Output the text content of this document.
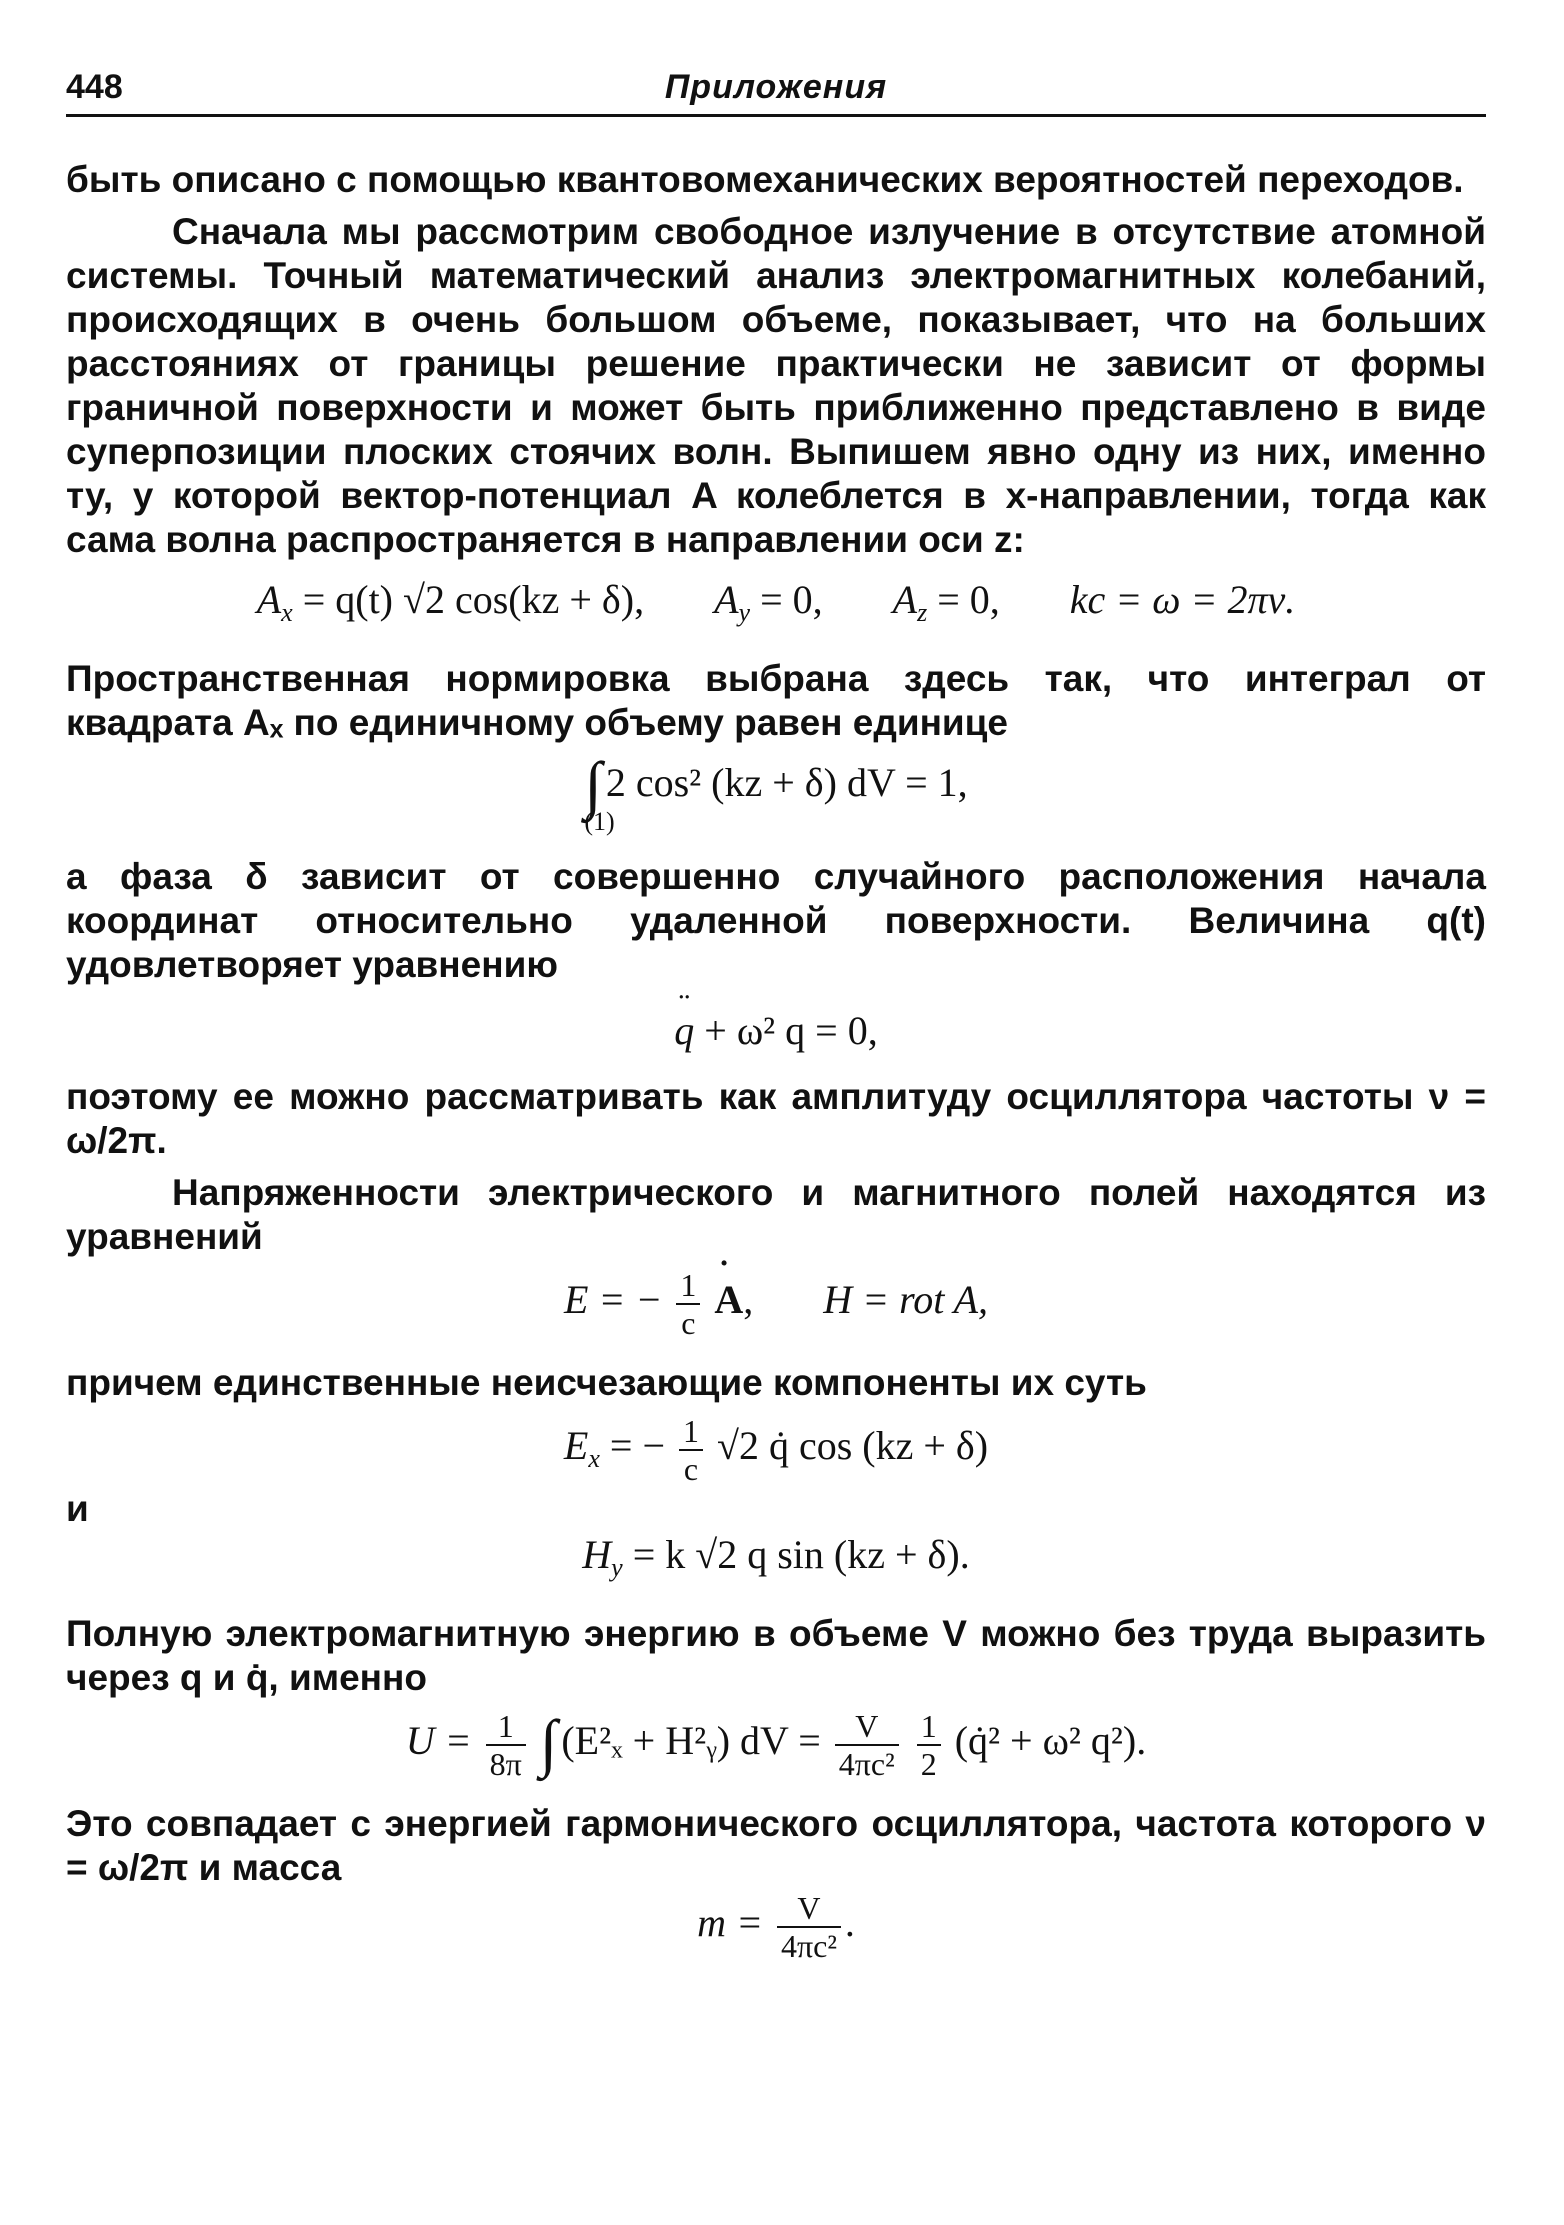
448	Приложения

быть описано с помощью квантовомеханических вероятностей переходов.

Сначала мы рассмотрим свободное излучение в отсутствие атомной системы. Точный математический анализ электромагнитных колебаний, происходящих в очень большом объеме, показывает, что на больших расстояниях от границы решение практически не зависит от формы граничной поверхности и может быть приближенно представлено в виде суперпозиции плоских стоячих волн. Выпишем явно одну из них, именно ту, у которой вектор-потенциал A колеблется в x-направлении, тогда как сама волна распространяется в направлении оси z:

$A_x = q(t)$ √2 cos(kz + δ), $A_y = 0$, $A_z = 0$, kc = ω = 2πν.

Пространственная нормировка выбрана здесь так, что интеграл от квадрата Aₓ по единичному объему равен единице

∫ 2 cos² (kz + δ) dV = 1,
(1)

а фаза δ зависит от совершенно случайного расположения начала координат относительно удаленной поверхности. Величина q(t) удовлетворяет уравнению

¨ q + ω² q = 0,

поэтому ее можно рассматривать как амплитуду осциллятора частоты ν = ω/2π.

Напряженности электрического и магнитного полей находятся из уравнений

E = − $\frac{1}{c}$
˙ A, H = rot A,

причем единственные неисчезающие компоненты их суть

$E_x$ = − $\frac{1}{c} √2$ q̇ cos (kz + δ)

и

$H_y = k$ √2 q sin (kz + δ).

Полную электромагнитную энергию в объеме V можно без труда выразить через q и q̇, именно

$U = \frac{1}{8\pi}$ ∫ (E²ₓ + H²ᵧ) dV = $\frac{V}{\text{4πc²}}$
$\frac{1}{2}$ (q̇² + ω² q²).

Это совпадает с энергией гармонического осциллятора, частота которого ν = ω/2π и масса

$m = \frac{V}{\text{4πc²}}$ .
